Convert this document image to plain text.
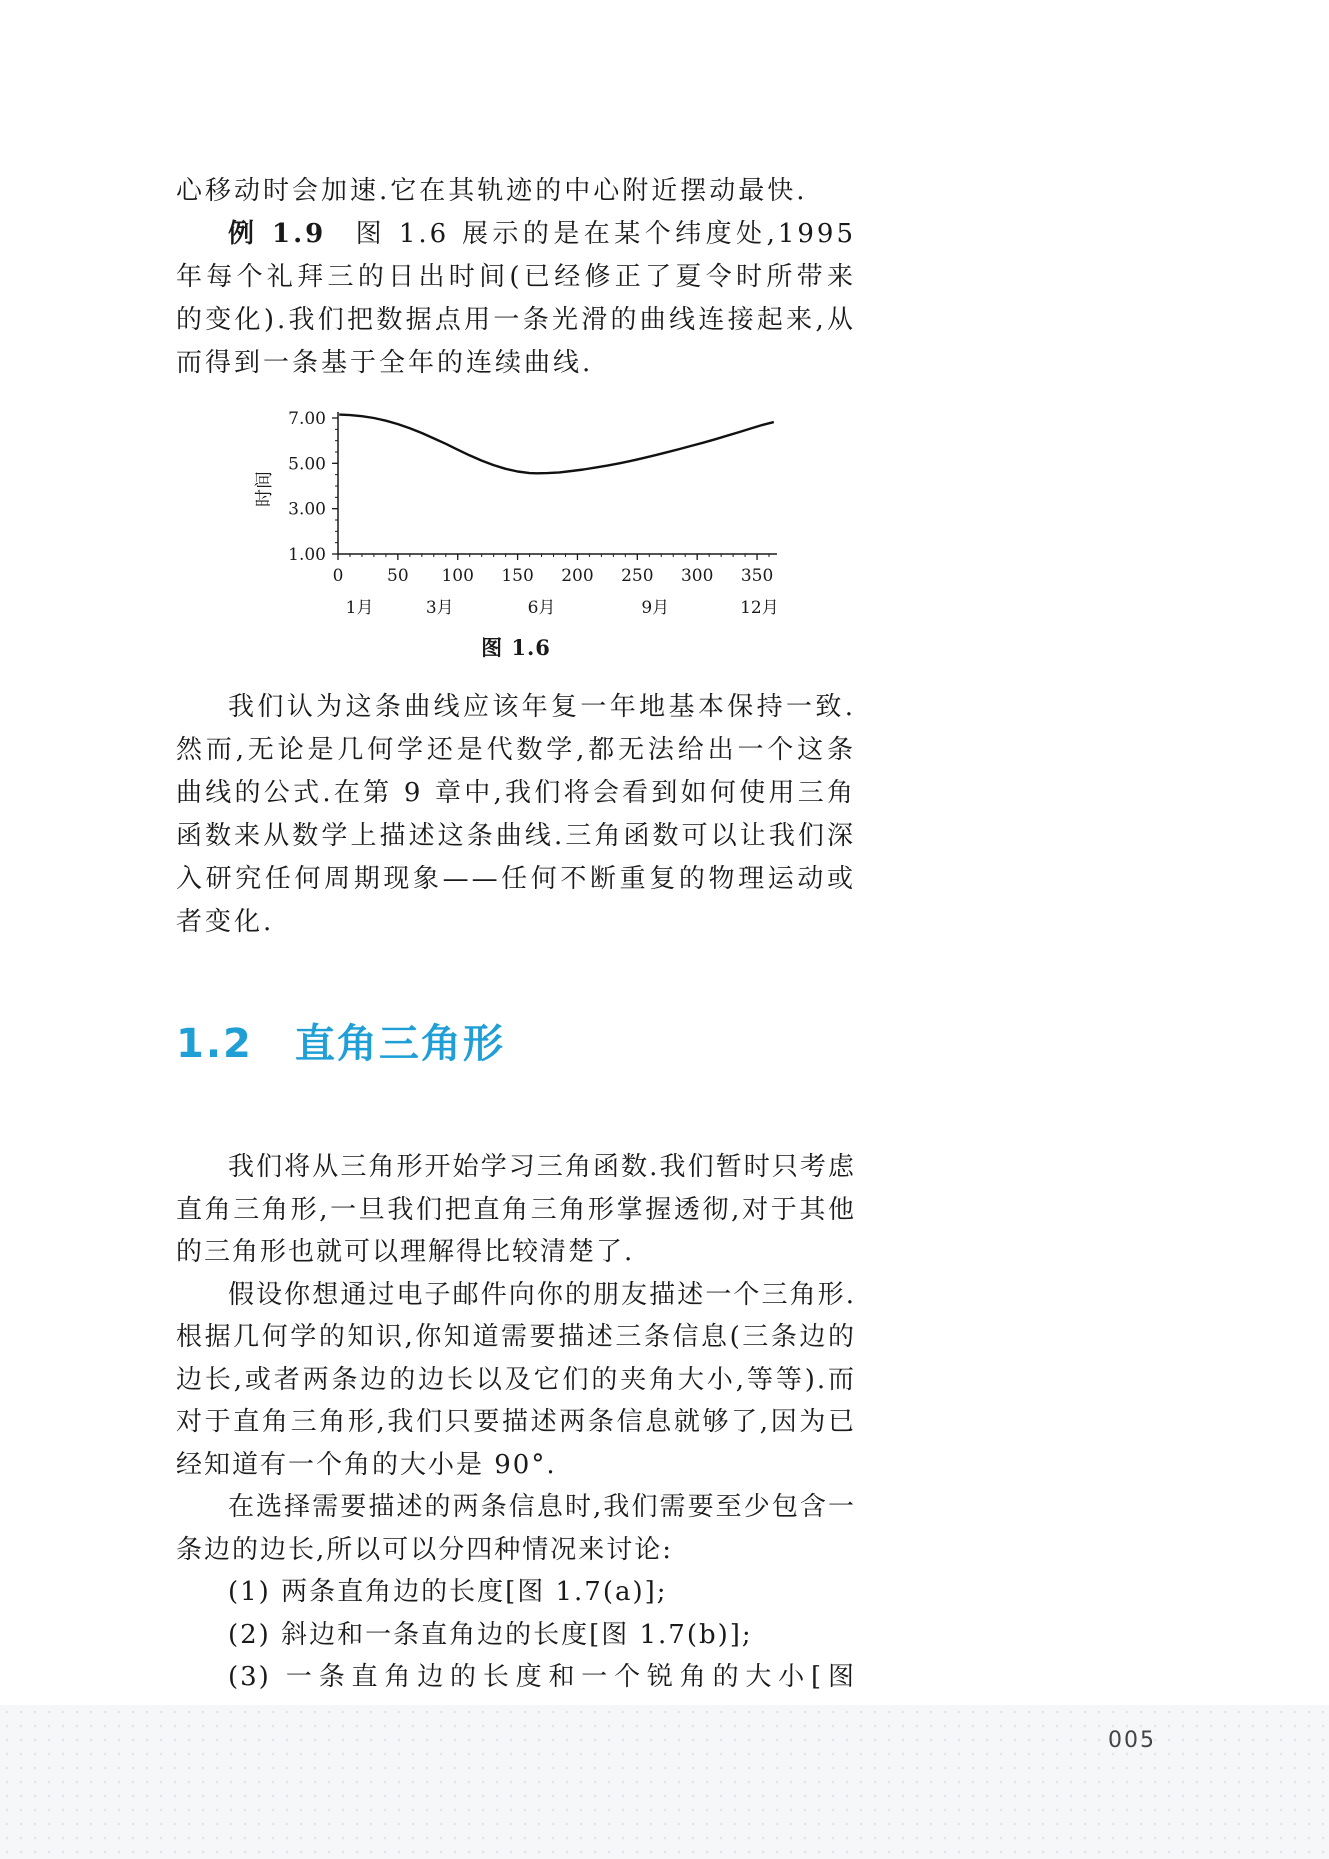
心移动时会加速.它在其轨迹的中心附近摆动最快.

例 1.9 图 1.6 展示的是在某个纬度处,1995 年每个礼拜三的日出时间(已经修正了夏令时所带来的变化).我们把数据点用一条光滑的曲线连接起来,从而得到一条基于全年的连续曲线.

7.00
5.00
3.00
1.00
0	50 100 150 200 250 300 350
1月	3月	6月	9月	12月
时间
图 1.6

我们认为这条曲线应该年复一年地基本保持一致.然而,无论是几何学还是代数学,都无法给出一个这条曲线的公式.在第 9 章中,我们将会看到如何使用三角函数来从数学上描述这条曲线.三角函数可以让我们深入研究任何周期现象——任何不断重复的物理运动或者变化.

1.2 直角三角形

我们将从三角形开始学习三角函数.我们暂时只考虑直角三角形,一旦我们把直角三角形掌握透彻,对于其他的三角形也就可以理解得比较清楚了.

假设你想通过电子邮件向你的朋友描述一个三角形.根据几何学的知识,你知道需要描述三条信息(三条边的边长,或者两条边的边长以及它们的夹角大小,等等).而对于直角三角形,我们只要描述两条信息就够了,因为已经知道有一个角的大小是 90°.

在选择需要描述的两条信息时,我们需要至少包含一条边的边长,所以可以分四种情况来讨论:

(1) 两条直角边的长度[图 1.7(a)];

(2) 斜边和一条直角边的长度[图 1.7(b)];

(3) 一条直角边的长度和一个锐角的大小[图

005
